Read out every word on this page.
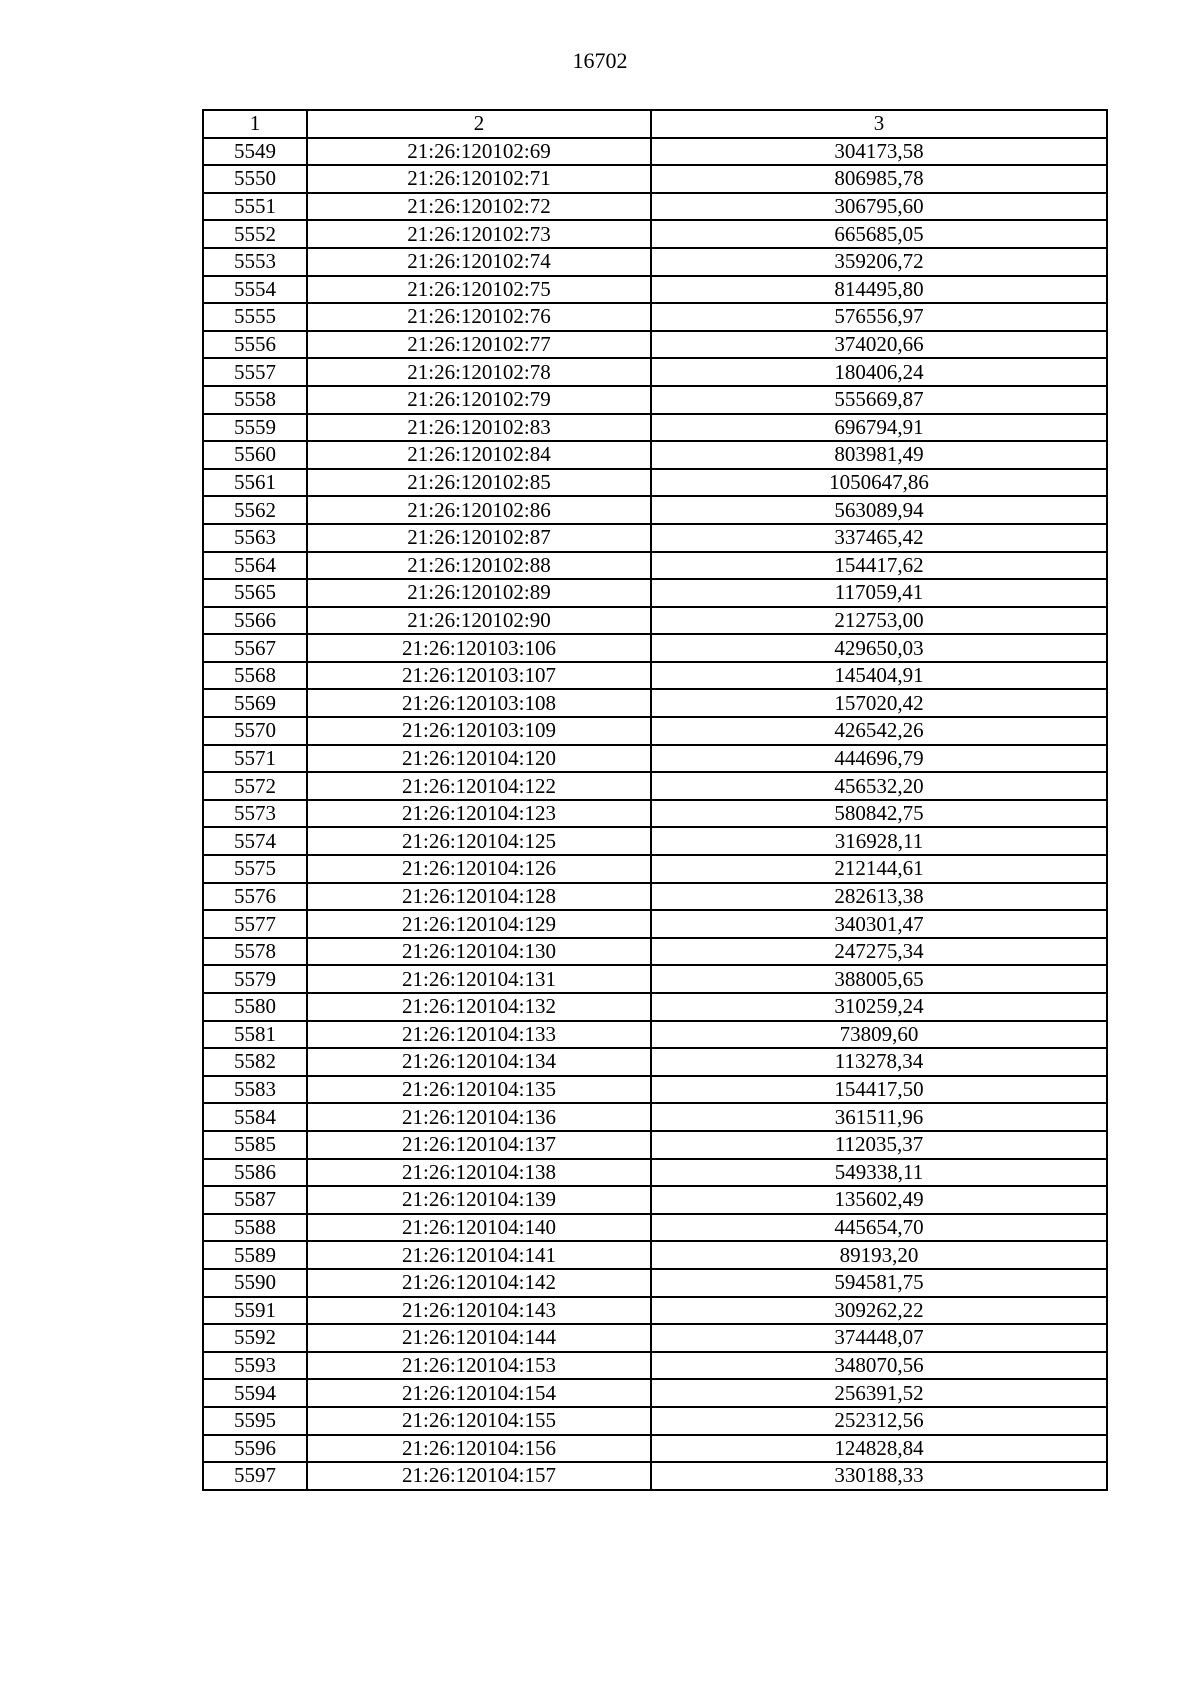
16702
1	2	3
5549	21:26:120102:69	304173,58
5550	21:26:120102:71	806985,78
5551	21:26:120102:72	306795,60
5552	21:26:120102:73	665685,05
5553	21:26:120102:74	359206,72
5554	21:26:120102:75	814495,80
5555	21:26:120102:76	576556,97
5556	21:26:120102:77	374020,66
5557	21:26:120102:78	180406,24
5558	21:26:120102:79	555669,87
5559	21:26:120102:83	696794,91
5560	21:26:120102:84	803981,49
5561	21:26:120102:85	1050647,86
5562	21:26:120102:86	563089,94
5563	21:26:120102:87	337465,42
5564	21:26:120102:88	154417,62
5565	21:26:120102:89	117059,41
5566	21:26:120102:90	212753,00
5567	21:26:120103:106	429650,03
5568	21:26:120103:107	145404,91
5569	21:26:120103:108	157020,42
5570	21:26:120103:109	426542,26
5571	21:26:120104:120	444696,79
5572	21:26:120104:122	456532,20
5573	21:26:120104:123	580842,75
5574	21:26:120104:125	316928,11
5575	21:26:120104:126	212144,61
5576	21:26:120104:128	282613,38
5577	21:26:120104:129	340301,47
5578	21:26:120104:130	247275,34
5579	21:26:120104:131	388005,65
5580	21:26:120104:132	310259,24
5581	21:26:120104:133	73809,60
5582	21:26:120104:134	113278,34
5583	21:26:120104:135	154417,50
5584	21:26:120104:136	361511,96
5585	21:26:120104:137	112035,37
5586	21:26:120104:138	549338,11
5587	21:26:120104:139	135602,49
5588	21:26:120104:140	445654,70
5589	21:26:120104:141	89193,20
5590	21:26:120104:142	594581,75
5591	21:26:120104:143	309262,22
5592	21:26:120104:144	374448,07
5593	21:26:120104:153	348070,56
5594	21:26:120104:154	256391,52
5595	21:26:120104:155	252312,56
5596	21:26:120104:156	124828,84
5597	21:26:120104:157	330188,33
